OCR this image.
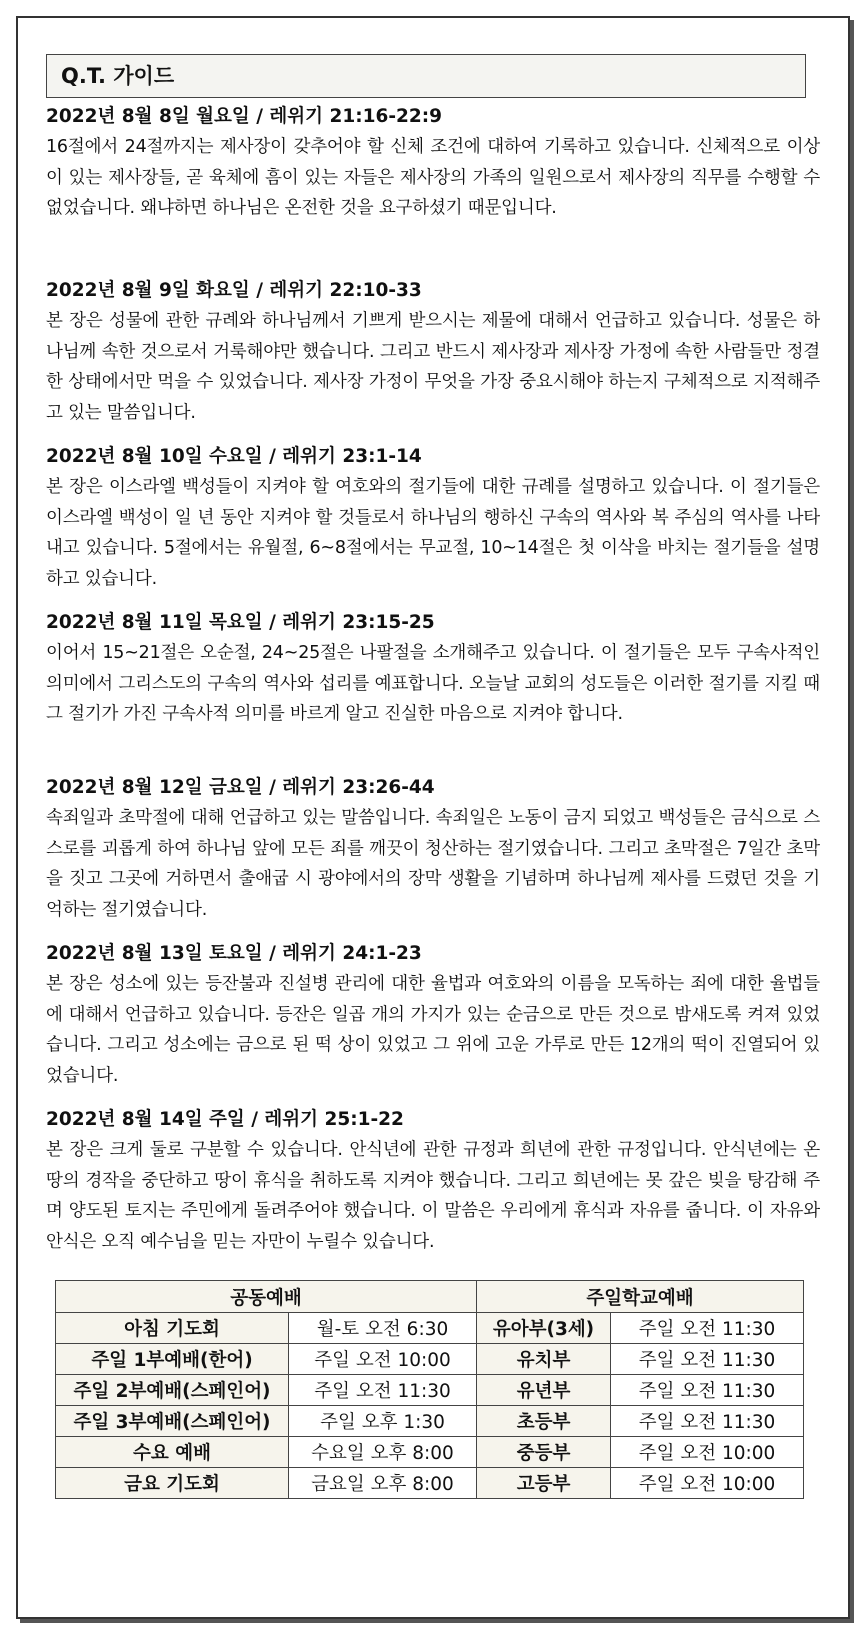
Q.T. 가이드
2022년 8월 8일 월요일 / 레위기 21:16-22:9

16절에서 24절까지는 제사장이 갖추어야 할 신체 조건에 대하여 기록하고 있습니다. 신체적으로 이상이 있는 제사장들, 곧 육체에 흠이 있는 자들은 제사장의 가족의 일원으로서 제사장의 직무를 수행할 수 없었습니다. 왜냐하면 하나님은 온전한 것을 요구하셨기 때문입니다.

2022년 8월 9일 화요일 / 레위기 22:10-33

본 장은 성물에 관한 규례와 하나님께서 기쁘게 받으시는 제물에 대해서 언급하고 있습니다. 성물은 하나님께 속한 것으로서 거룩해야만 했습니다. 그리고 반드시 제사장과 제사장 가정에 속한 사람들만 정결한 상태에서만 먹을 수 있었습니다. 제사장 가정이 무엇을 가장 중요시해야 하는지 구체적으로 지적해주고 있는 말씀입니다.

2022년 8월 10일 수요일 / 레위기 23:1-14

본 장은 이스라엘 백성들이 지켜야 할 여호와의 절기들에 대한 규례를 설명하고 있습니다. 이 절기들은 이스라엘 백성이 일 년 동안 지켜야 할 것들로서 하나님의 행하신 구속의 역사와 복 주심의 역사를 나타내고 있습니다. 5절에서는 유월절, 6~8절에서는 무교절, 10~14절은 첫 이삭을 바치는 절기들을 설명하고 있습니다.

2022년 8월 11일 목요일 / 레위기 23:15-25

이어서 15~21절은 오순절, 24~25절은 나팔절을 소개해주고 있습니다. 이 절기들은 모두 구속사적인 의미에서 그리스도의 구속의 역사와 섭리를 예표합니다. 오늘날 교회의 성도들은 이러한 절기를 지킬 때 그 절기가 가진 구속사적 의미를 바르게 알고 진실한 마음으로 지켜야 합니다.

2022년 8월 12일 금요일 / 레위기 23:26-44

속죄일과 초막절에 대해 언급하고 있는 말씀입니다. 속죄일은 노동이 금지 되었고 백성들은 금식으로 스스로를 괴롭게 하여 하나님 앞에 모든 죄를 깨끗이 청산하는 절기였습니다. 그리고 초막절은 7일간 초막을 짓고 그곳에 거하면서 출애굽 시 광야에서의 장막 생활을 기념하며 하나님께 제사를 드렸던 것을 기억하는 절기였습니다.

2022년 8월 13일 토요일 / 레위기 24:1-23

본 장은 성소에 있는 등잔불과 진설병 관리에 대한 율법과 여호와의 이름을 모독하는 죄에 대한 율법들에 대해서 언급하고 있습니다. 등잔은 일곱 개의 가지가 있는 순금으로 만든 것으로 밤새도록 켜져 있었습니다. 그리고 성소에는 금으로 된 떡 상이 있었고 그 위에 고운 가루로 만든 12개의 떡이 진열되어 있었습니다.

2022년 8월 14일 주일 / 레위기 25:1-22

본 장은 크게 둘로 구분할 수 있습니다. 안식년에 관한 규정과 희년에 관한 규정입니다. 안식년에는 온 땅의 경작을 중단하고 땅이 휴식을 취하도록 지켜야 했습니다. 그리고 희년에는 못 갚은 빚을 탕감해 주며 양도된 토지는 주민에게 돌려주어야 했습니다. 이 말씀은 우리에게 휴식과 자유를 줍니다. 이 자유와 안식은 오직 예수님을 믿는 자만이 누릴수 있습니다.

공동예배		주일학교예배	
아침 기도회	월-토 오전 6:30	유아부(3세)	주일 오전 11:30
주일 1부예배(한어)	주일 오전 10:00	유치부	주일 오전 11:30
주일 2부예배(스페인어)	주일 오전 11:30	유년부	주일 오전 11:30
주일 3부예배(스페인어)	주일 오후 1:30	초등부	주일 오전 11:30
수요 예배	수요일 오후 8:00	중등부	주일 오전 10:00
금요 기도회	금요일 오후 8:00	고등부	주일 오전 10:00
